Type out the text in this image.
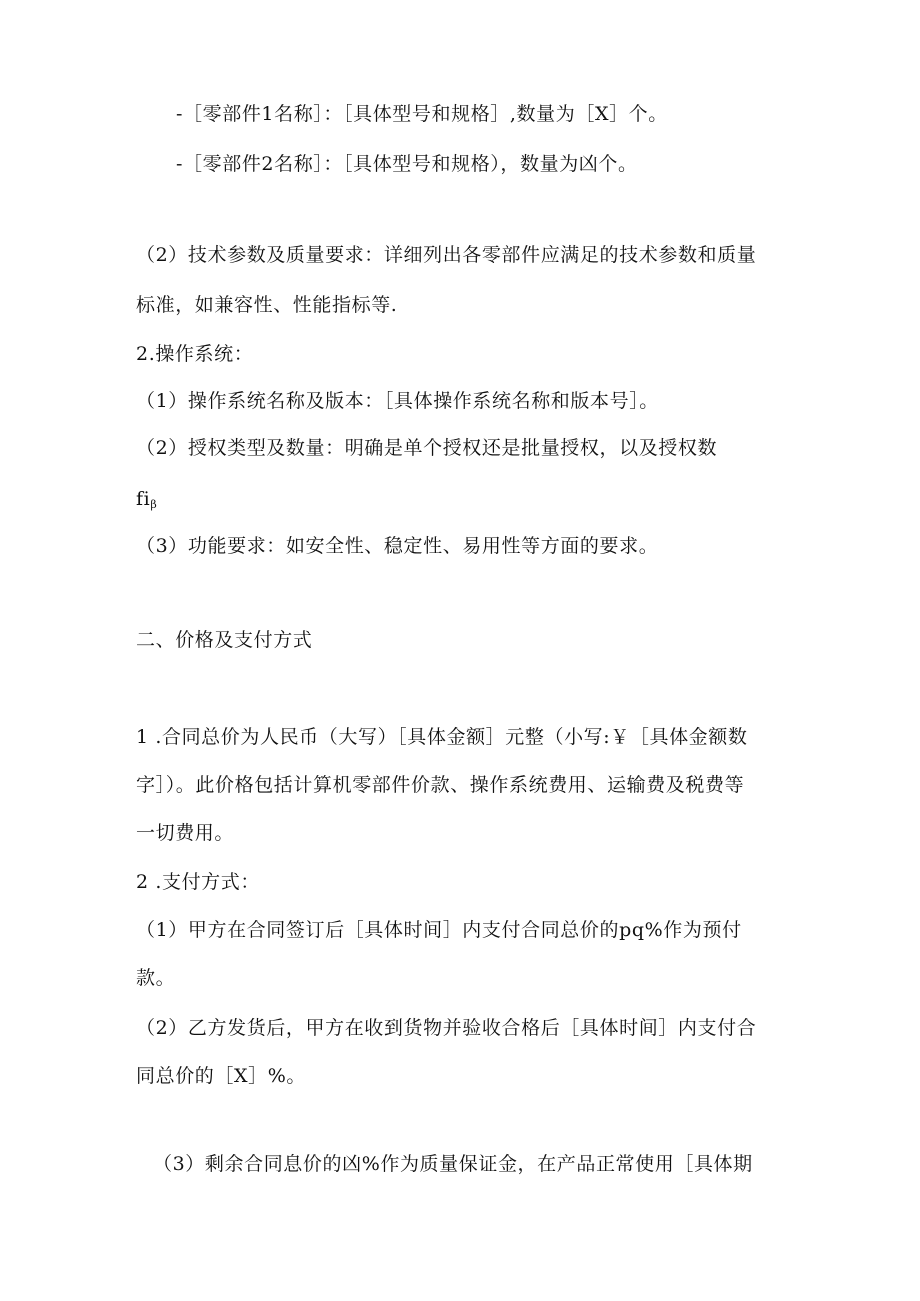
-［零部件1名称］：［具体型号和规格］,数量为［X］个。
-［零部件2名称］：［具体型号和规格），数量为凶个。
（2）技术参数及质量要求：详细列出各零部件应满足的技术参数和质量
标准，如兼容性、性能指标等.
2.操作系统：
（1）操作系统名称及版本：［具体操作系统名称和版本号］。
（2）授权类型及数量：明确是单个授权还是批量授权，以及授权数
fiβ
（3）功能要求：如安全性、稳定性、易用性等方面的要求。
二、价格及支付方式
1 .合同总价为人民币（大写）［具体金额］元整（小写:￥［具体金额数
字］）。此价格包括计算机零部件价款、操作系统费用、运输费及税费等
一切费用。
2 .支付方式：
（1）甲方在合同签订后［具体时间］内支付合同总价的pq%作为预付
款。
（2）乙方发货后，甲方在收到货物并验收合格后［具体时间］内支付合
同总价的［X］%。
（3）剩余合同息价的凶%作为质量保证金，在产品正常使用［具体期
